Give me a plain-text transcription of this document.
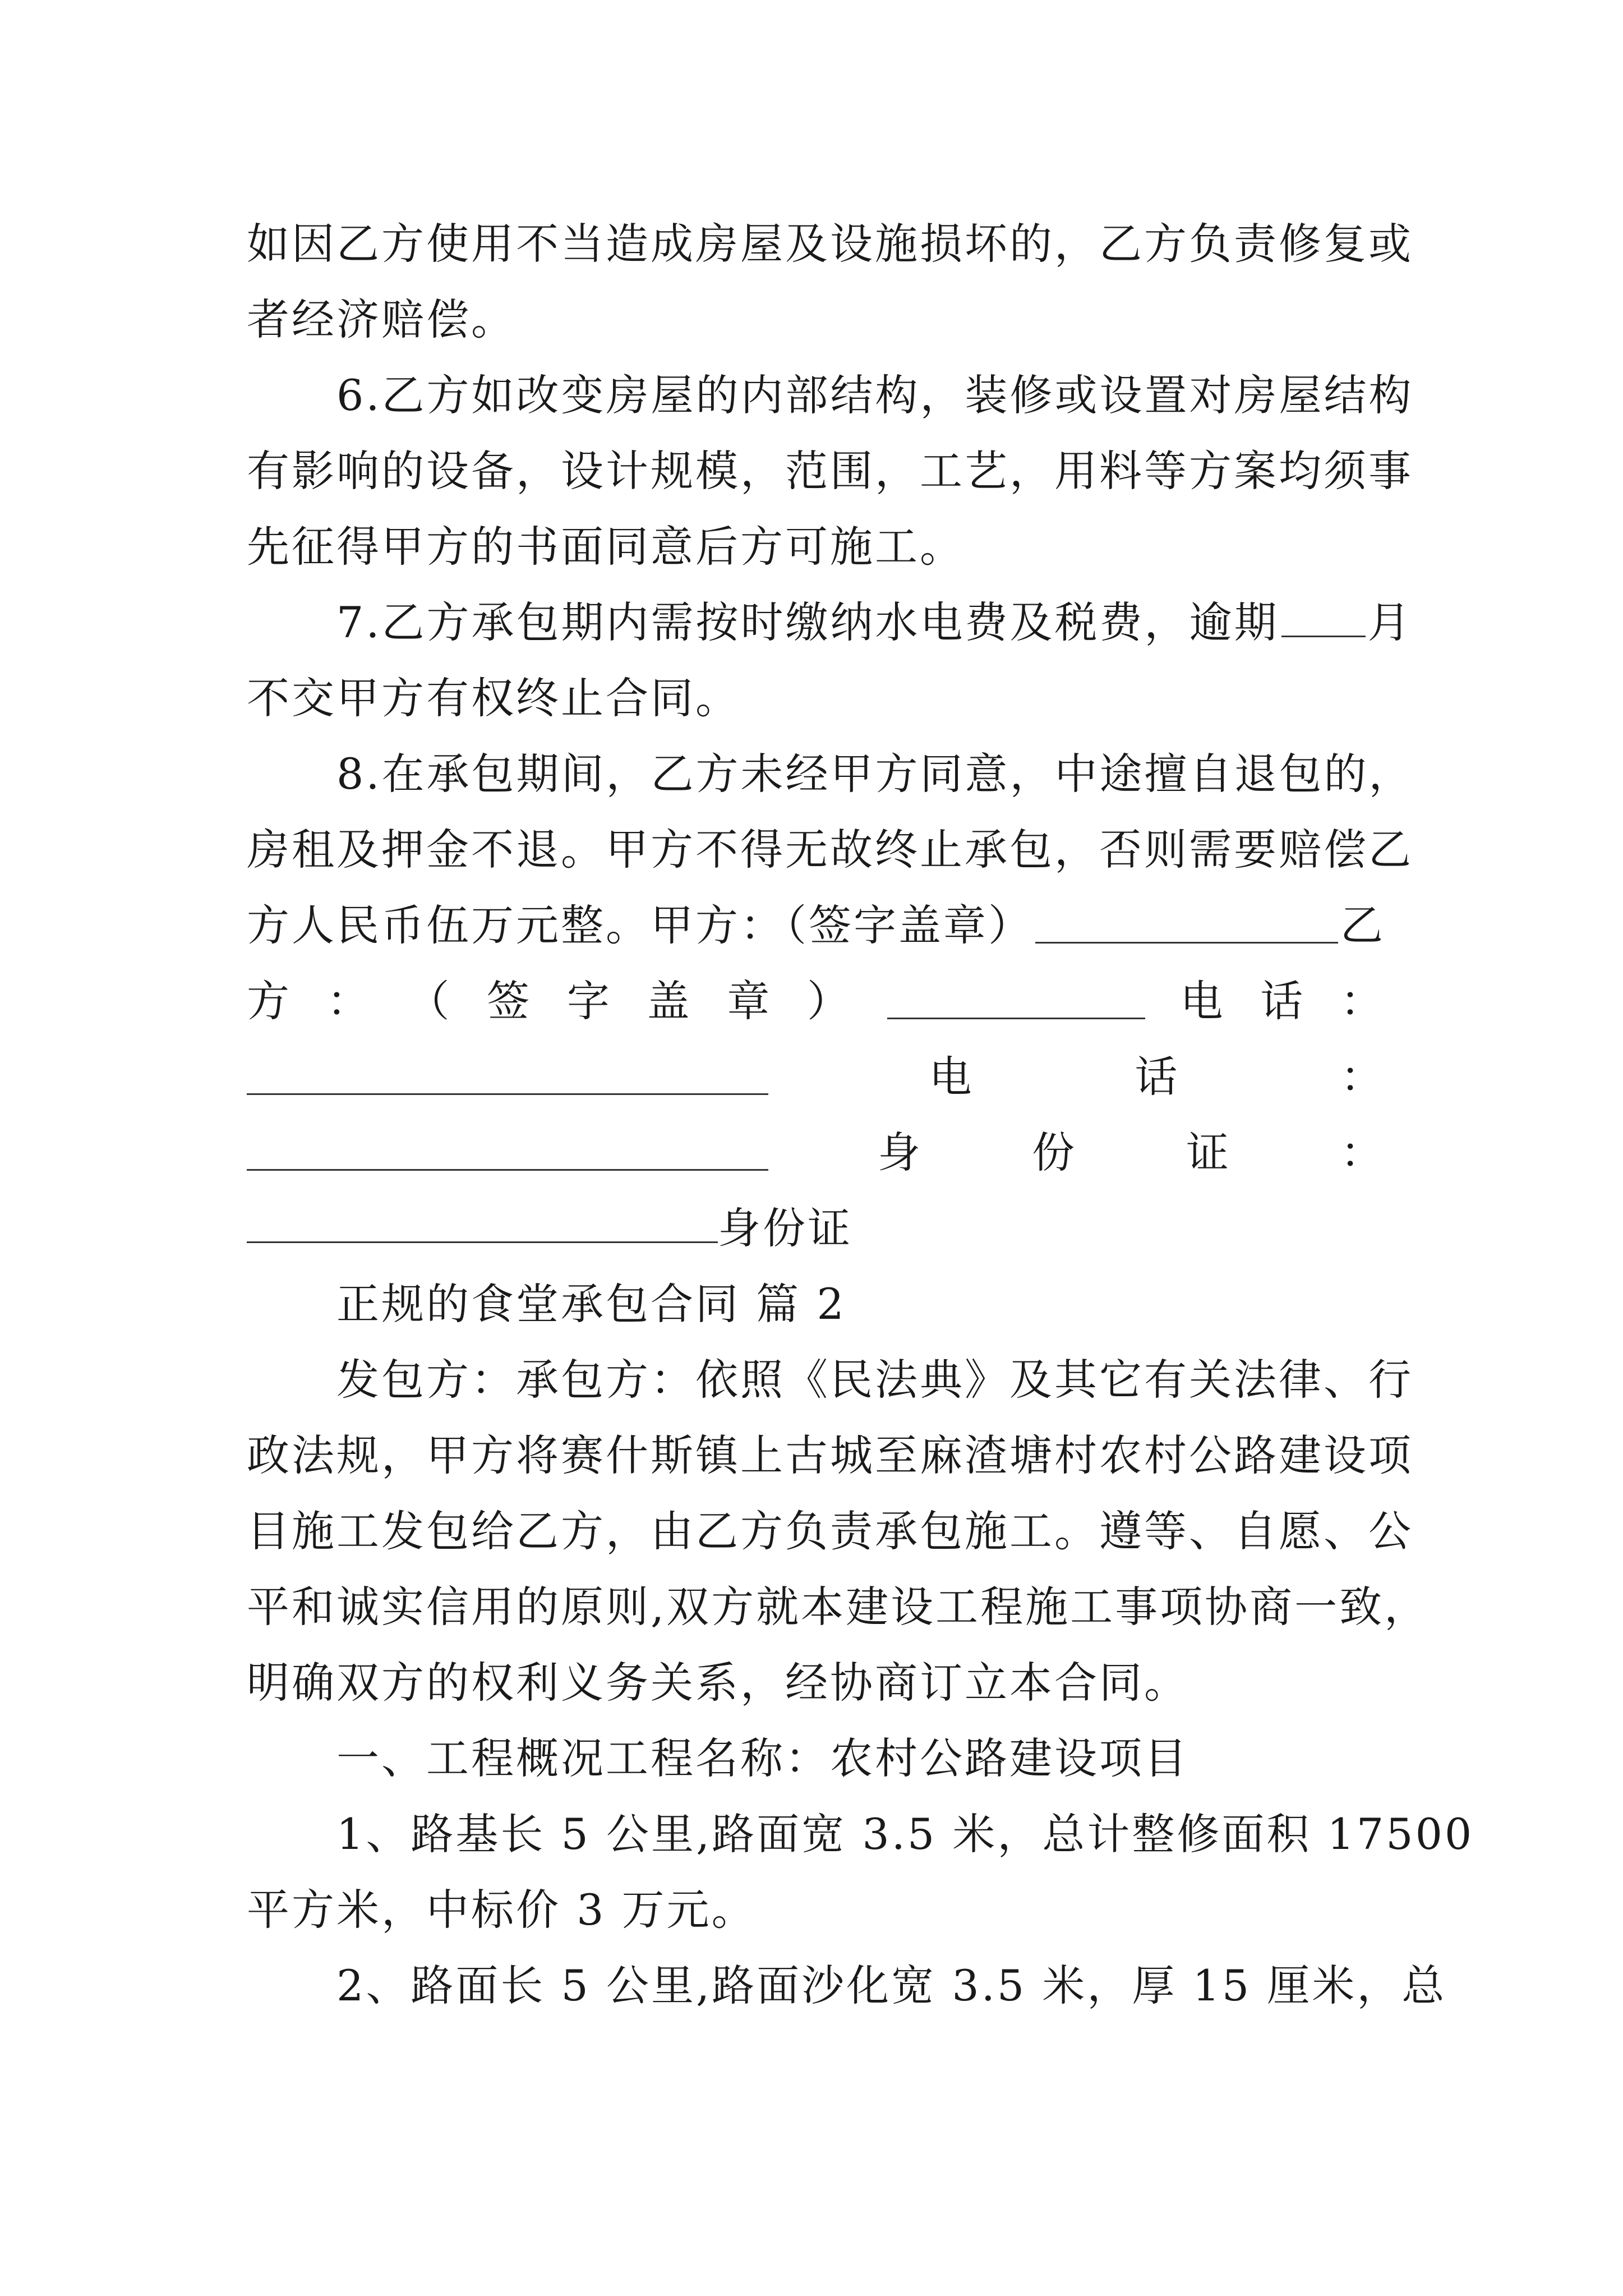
如因乙方使用不当造成房屋及设施损坏的，乙方负责修复或
者经济赔偿。
6.乙方如改变房屋的内部结构，装修或设置对房屋结构
有影响的设备，设计规模，范围，工艺，用料等方案均须事
先征得甲方的书面同意后方可施工。
7.乙方承包期内需按时缴纳水电费及税费，逾期 月
不交甲方有权终止合同。
8.在承包期间，乙方未经甲方同意，中途擅自退包的，
房租及押金不退。甲方不得无故终止承包，否则需要赔偿乙
方人民币伍万元整。甲方：（签字盖章）	乙
方 ： （ 签 字 盖 章 ）	电 话 ：
电	话	：
身	份	证	：
身份证
正规的食堂承包合同 篇 2
发包方：承包方：依照《民法典》及其它有关法律、行
政法规，甲方将赛什斯镇上古城至麻渣塘村农村公路建设项
目施工发包给乙方，由乙方负责承包施工。遵等、自愿、公
平和诚实信用的原则,双方就本建设工程施工事项协商一致，
明确双方的权利义务关系，经协商订立本合同。
一、工程概况工程名称：农村公路建设项目
1、路基长 5 公里,路面宽 3.5 米，总计整修面积 17500
平方米，中标价 3 万元。
2、路面长 5 公里,路面沙化宽 3.5 米，厚 15 厘米，总
